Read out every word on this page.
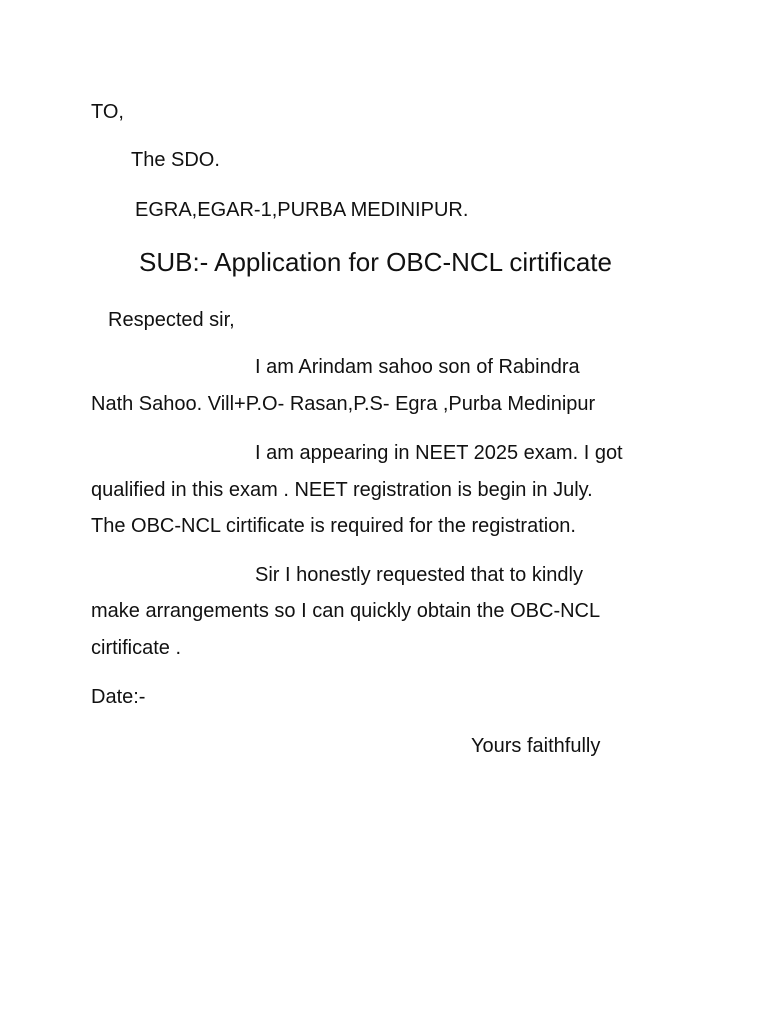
TO,
The SDO.
EGRA,EGAR-1,PURBA MEDINIPUR.
SUB:- Application for OBC-NCL cirtificate
Respected sir,
I am Arindam sahoo son of Rabindra
Nath Sahoo. Vill+P.O- Rasan,P.S- Egra ,Purba Medinipur
I am appearing in NEET 2025 exam. I got
qualified in this exam . NEET registration is begin in July.
The OBC-NCL cirtificate is required for the registration.
Sir I honestly requested that to kindly
make arrangements so I can quickly obtain the OBC-NCL
cirtificate .
Date:-
Yours faithfully
